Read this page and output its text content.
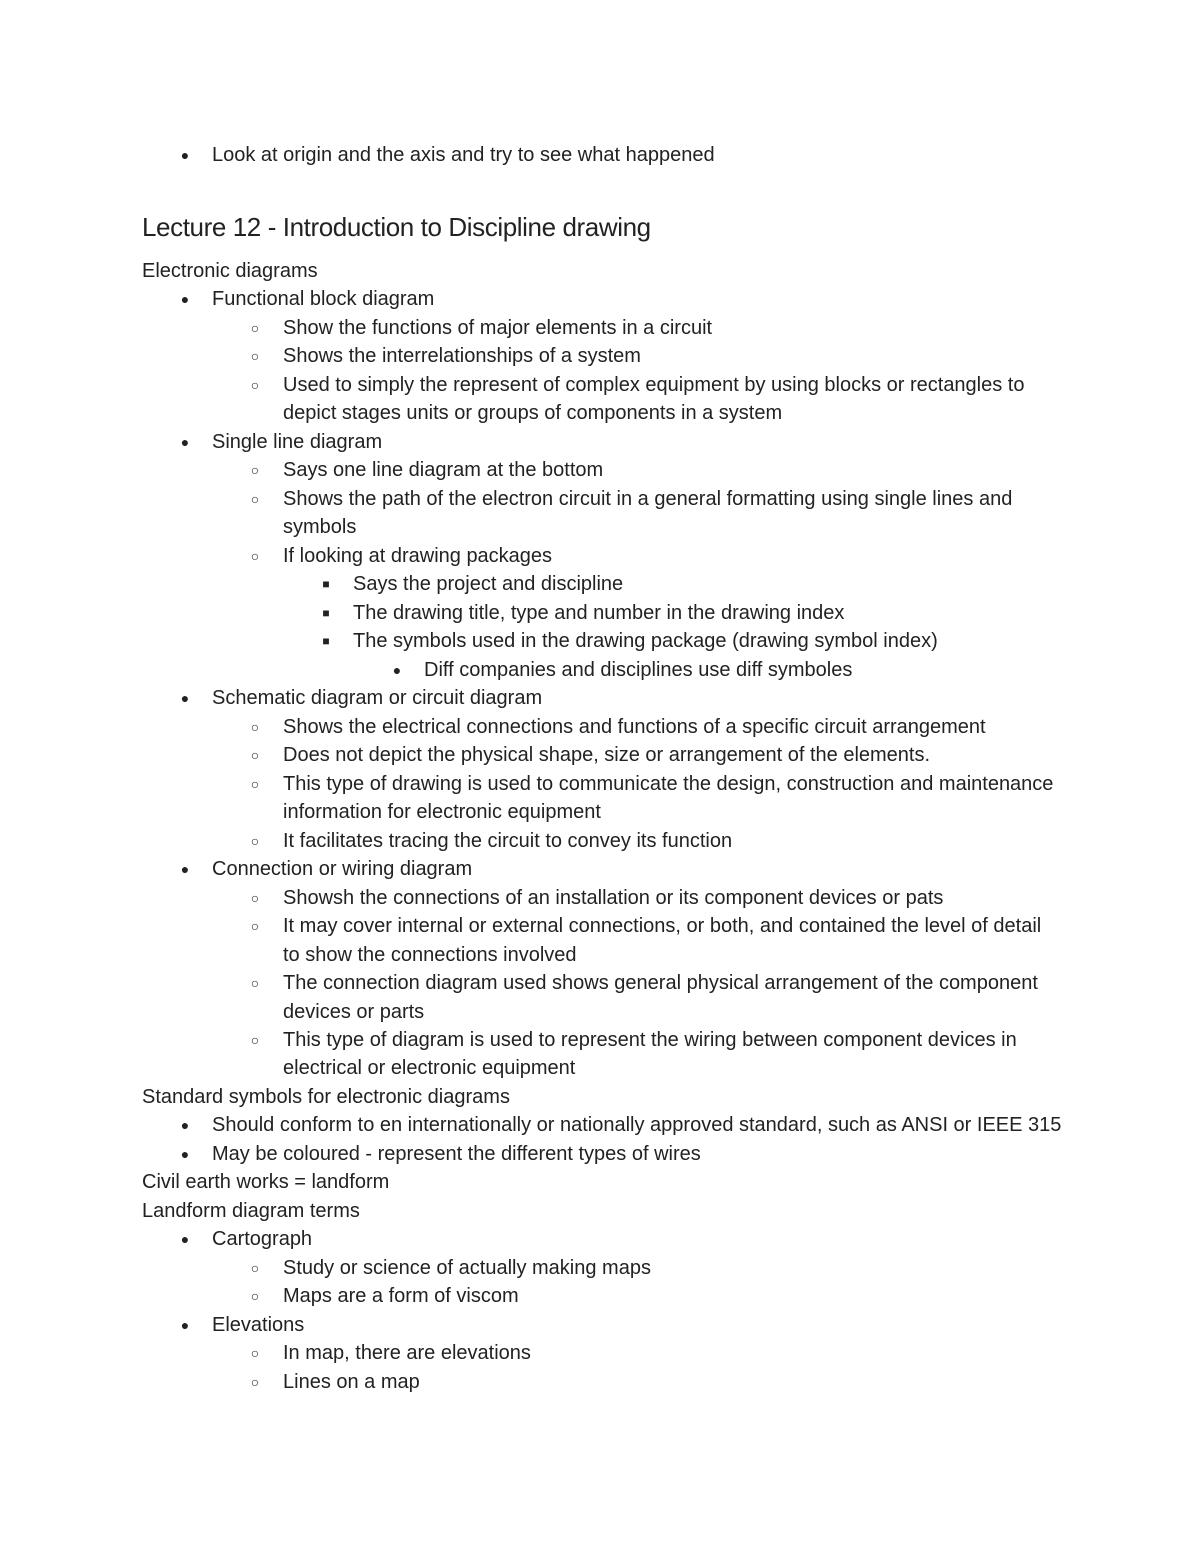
● Look at origin and the axis and try to see what happened
Lecture 12 - Introduction to Discipline drawing
Electronic diagrams
● Functional block diagram
○ Show the functions of major elements in a circuit
○ Shows the interrelationships of a system
○ Used to simply the represent of complex equipment by using blocks or rectangles to
depict stages units or groups of components in a system
● Single line diagram
○ Says one line diagram at the bottom
○ Shows the path of the electron circuit in a general formatting using single lines and
symbols
○ If looking at drawing packages
■	Says the project and discipline
■	The drawing title, type and number in the drawing index
■	The symbols used in the drawing package (drawing symbol index)
● Diff companies and disciplines use diff symboles
● Schematic diagram or circuit diagram
○ Shows the electrical connections and functions of a specific circuit arrangement
○ Does not depict the physical shape, size or arrangement of the elements.
○ This type of drawing is used to communicate the design, construction and maintenance
information for electronic equipment
○ It facilitates tracing the circuit to convey its function
● Connection or wiring diagram
○ Showsh the connections of an installation or its component devices or pats
○ It may cover internal or external connections, or both, and contained the level of detail
to show the connections involved
○ The connection diagram used shows general physical arrangement of the component
devices or parts
○ This type of diagram is used to represent the wiring between component devices in
electrical or electronic equipment
Standard symbols for electronic diagrams
● Should conform to en internationally or nationally approved standard, such as ANSI or IEEE 315
● May be coloured - represent the different types of wires
Civil earth works = landform
Landform diagram terms
● Cartograph
○ Study or science of actually making maps
○ Maps are a form of viscom
● Elevations
○ In map, there are elevations
○ Lines on a map
